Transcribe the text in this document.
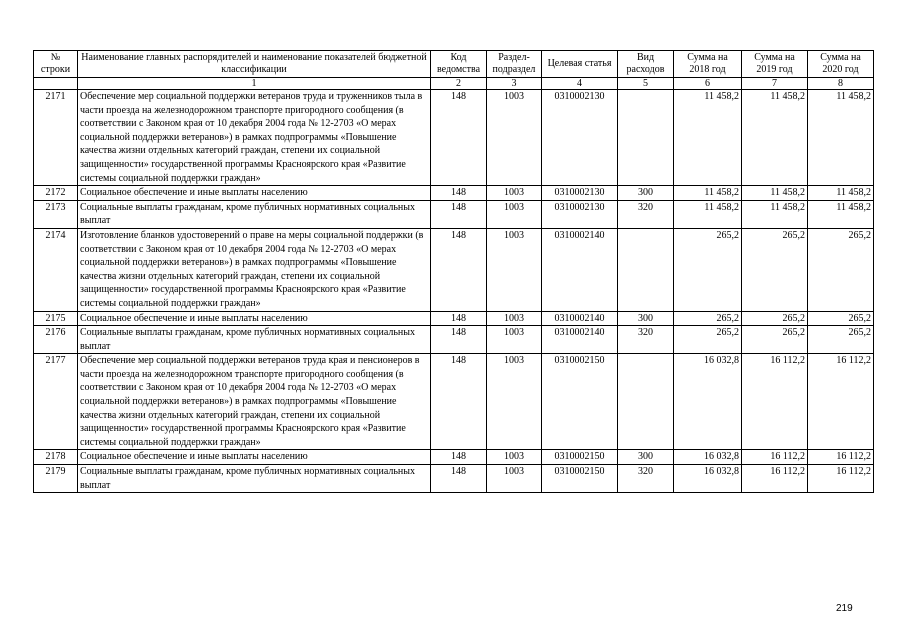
№ строки	Наименование главных распорядителей и наименование показателей бюджетной классификации	Код ведомства	Раздел-подраздел	Целевая статья	Вид расходов	Сумма на 2018 год	Сумма на 2019 год	Сумма на 2020 год
	1	2	3	4	5	6	7	8
2171	Обеспечение мер социальной поддержки ветеранов труда и труженников тыла в части проезда на железнодорожном транспорте пригородного сообщения (в соответствии с Законом края от 10 декабря 2004 года № 12-2703 «О мерах социальной поддержки ветеранов») в рамках подпрограммы «Повышение качества жизни отдельных категорий граждан, степени их социальной защищенности» государственной программы Красноярского края «Развитие системы социальной поддержки граждан»	148	1003	0310002130		11 458,2	11 458,2	11 458,2
2172	Социальное обеспечение и иные выплаты населению	148	1003	0310002130	300	11 458,2	11 458,2	11 458,2
2173	Социальные выплаты гражданам, кроме публичных нормативных социальных выплат	148	1003	0310002130	320	11 458,2	11 458,2	11 458,2
2174	Изготовление бланков удостоверений о праве на меры социальной поддержки (в соответствии с Законом края от 10 декабря 2004 года № 12-2703 «О мерах социальной поддержки ветеранов») в рамках подпрограммы «Повышение качества жизни отдельных категорий граждан, степени их социальной защищенности» государственной программы Красноярского края «Развитие системы социальной поддержки граждан»	148	1003	0310002140		265,2	265,2	265,2
2175	Социальное обеспечение и иные выплаты населению	148	1003	0310002140	300	265,2	265,2	265,2
2176	Социальные выплаты гражданам, кроме публичных нормативных социальных выплат	148	1003	0310002140	320	265,2	265,2	265,2
2177	Обеспечение мер социальной поддержки ветеранов труда края и пенсионеров в части проезда на железнодорожном транспорте пригородного сообщения (в соответствии с Законом края от 10 декабря 2004 года № 12-2703 «О мерах социальной поддержки ветеранов») в рамках подпрограммы «Повышение качества жизни отдельных категорий граждан, степени их социальной защищенности» государственной программы Красноярского края «Развитие системы социальной поддержки граждан»	148	1003	0310002150		16 032,8	16 112,2	16 112,2
2178	Социальное обеспечение и иные выплаты населению	148	1003	0310002150	300	16 032,8	16 112,2	16 112,2
2179	Социальные выплаты гражданам, кроме публичных нормативных социальных выплат	148	1003	0310002150	320	16 032,8	16 112,2	16 112,2
219
